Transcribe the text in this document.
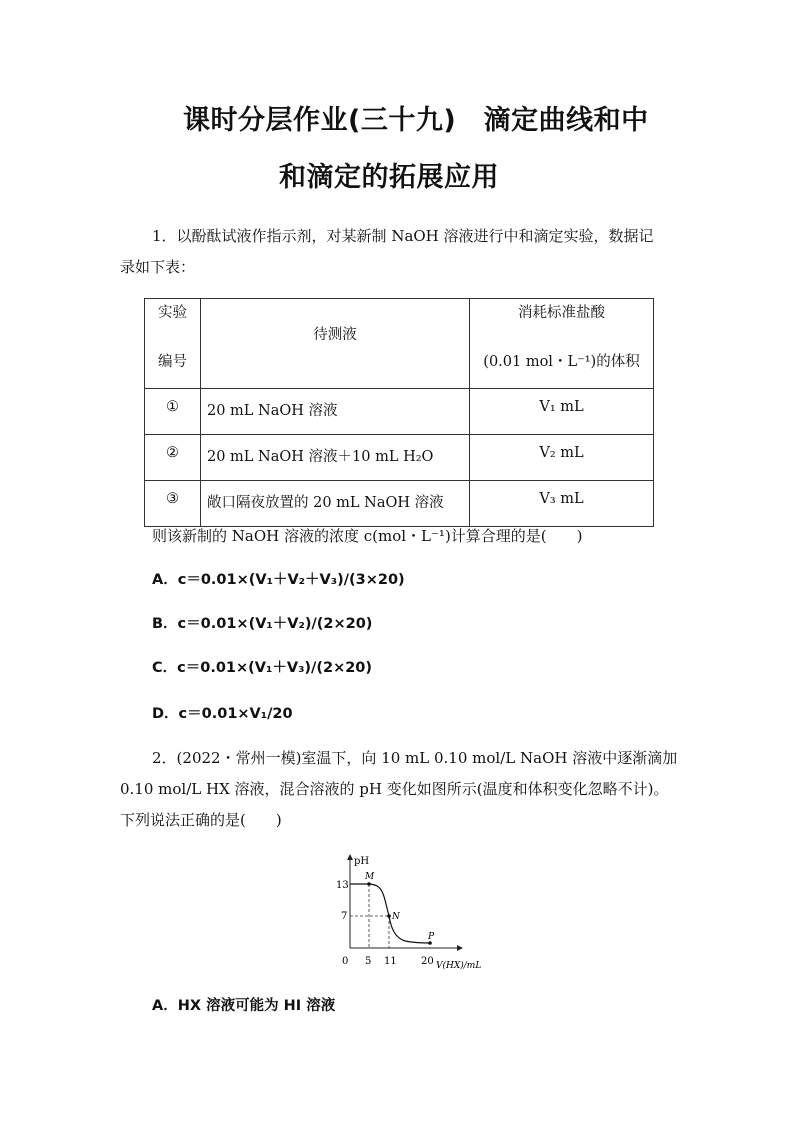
课时分层作业(三十九)　滴定曲线和中
和滴定的拓展应用
1．以酚酞试液作指示剂，对某新制 NaOH 溶液进行中和滴定实验，数据记
录如下表：
实验
编号	待测液	消耗标准盐酸
(0.01 mol・L⁻¹)的体积

①	20 mL NaOH 溶液	V₁ mL

②	20 mL NaOH 溶液＋10 mL H₂O	V₂ mL

③	敞口隔夜放置的 20 mL NaOH 溶液	V₃ mL
则该新制的 NaOH 溶液的浓度 c(mol・L⁻¹)计算合理的是(　　)
A．c＝0.01×(V₁＋V₂＋V₃)/(3×20)
B．c＝0.01×(V₁＋V₂)/(2×20)
C．c＝0.01×(V₁＋V₃)/(2×20)
D．c＝0.01×V₁/20
2．(2022・常州一模)室温下，向 10 mL 0.10 mol/L NaOH 溶液中逐渐滴加
0.10 mol/L HX 溶液，混合溶液的 pH 变化如图所示(温度和体积变化忽略不计)。
下列说法正确的是(　　)
pH
V(HX)/mL
0
13
7
5 11 20
M
N
P
A．HX 溶液可能为 HI 溶液
